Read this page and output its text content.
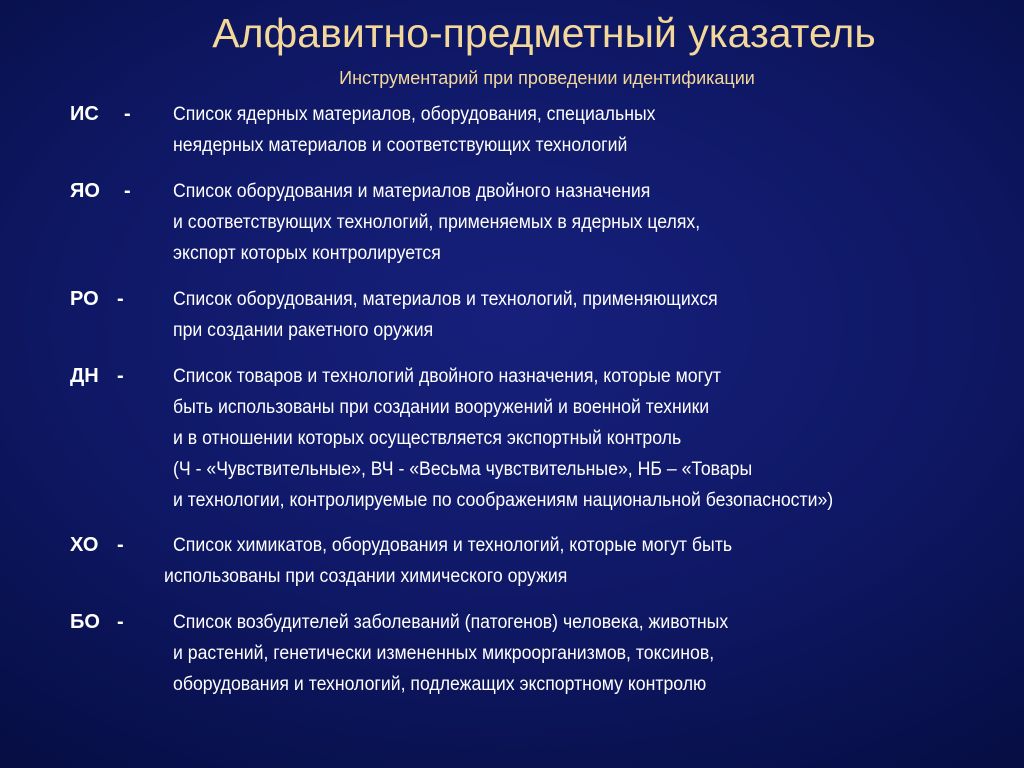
Алфавитно-предметный указатель
Инструментарий при проведении идентификации
ИС - Список ядерных материалов, оборудования, специальных
неядерных материалов и соответствующих технологий
ЯО - Список оборудования и материалов двойного назначения
и соответствующих технологий, применяемых в ядерных целях,
экспорт которых контролируется
РО -	Список оборудования, материалов и технологий, применяющихся
при создании ракетного оружия
ДН -	Список товаров и технологий двойного назначения, которые могут
быть использованы при создании вооружений и военной техники
и в отношении которых осуществляется экспортный контроль
(Ч - «Чувствительные», ВЧ - «Весьма чувствительные», НБ – «Товары
и технологии, контролируемые по соображениям национальной безопасности»)
ХО -	Список химикатов, оборудования и технологий, которые могут быть
использованы при создании химического оружия
БО -	Список возбудителей заболеваний (патогенов) человека, животных
и растений, генетически измененных микроорганизмов, токсинов,
оборудования и технологий, подлежащих экспортному контролю
